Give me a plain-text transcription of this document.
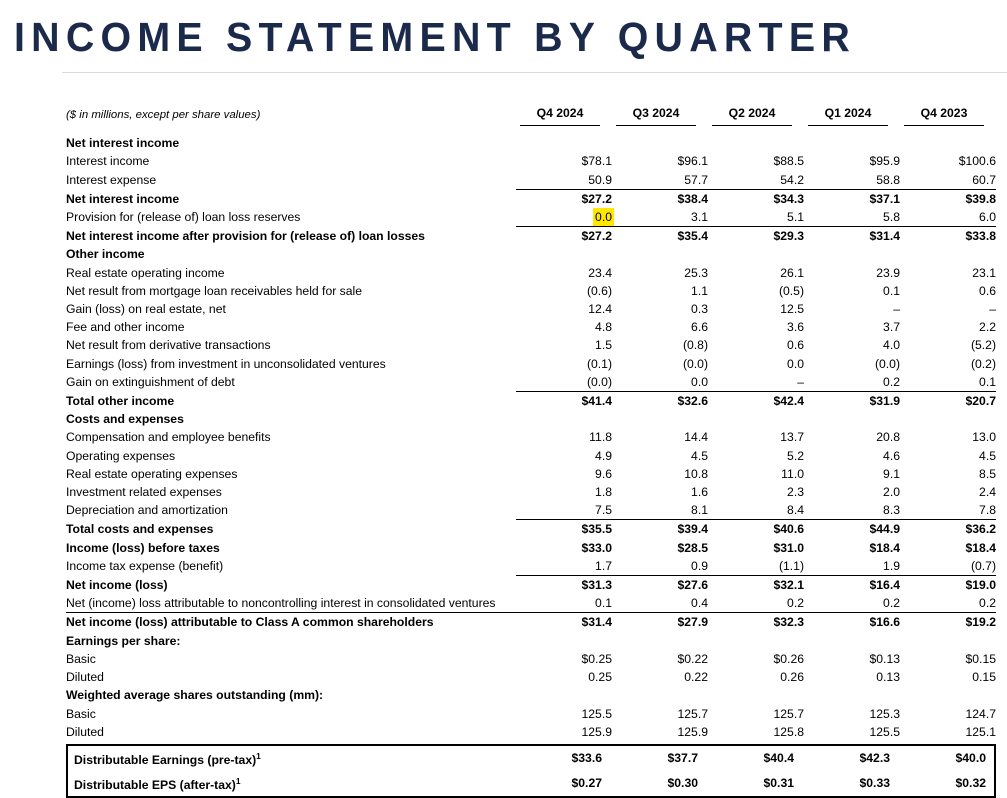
INCOME STATEMENT BY QUARTER
($ in millions, except per share values)	Q4 2024	Q3 2024	Q2 2024	Q1 2024	Q4 2023

Net interest income					
Interest income	$78.1	$96.1	$88.5	$95.9	$100.6
Interest expense	50.9	57.7	54.2	58.8	60.7
Net interest income	$27.2	$38.4	$34.3	$37.1	$39.8
Provision for (release of) loan loss reserves	0.0	3.1	5.1	5.8	6.0
Net interest income after provision for (release of) loan losses	$27.2	$35.4	$29.3	$31.4	$33.8
Other income					
Real estate operating income	23.4	25.3	26.1	23.9	23.1
Net result from mortgage loan receivables held for sale	(0.6)	1.1	(0.5)	0.1	0.6
Gain (loss) on real estate, net	12.4	0.3	12.5	–	–
Fee and other income	4.8	6.6	3.6	3.7	2.2
Net result from derivative transactions	1.5	(0.8)	0.6	4.0	(5.2)
Earnings (loss) from investment in unconsolidated ventures	(0.1)	(0.0)	0.0	(0.0)	(0.2)
Gain on extinguishment of debt	(0.0)	0.0	–	0.2	0.1
Total other income	$41.4	$32.6	$42.4	$31.9	$20.7
Costs and expenses					
Compensation and employee benefits	11.8	14.4	13.7	20.8	13.0
Operating expenses	4.9	4.5	5.2	4.6	4.5
Real estate operating expenses	9.6	10.8	11.0	9.1	8.5
Investment related expenses	1.8	1.6	2.3	2.0	2.4
Depreciation and amortization	7.5	8.1	8.4	8.3	7.8
Total costs and expenses	$35.5	$39.4	$40.6	$44.9	$36.2
Income (loss) before taxes	$33.0	$28.5	$31.0	$18.4	$18.4
Income tax expense (benefit)	1.7	0.9	(1.1)	1.9	(0.7)
Net income (loss)	$31.3	$27.6	$32.1	$16.4	$19.0
Net (income) loss attributable to noncontrolling interest in consolidated ventures	0.1	0.4	0.2	0.2	0.2
Net income (loss) attributable to Class A common shareholders	$31.4	$27.9	$32.3	$16.6	$19.2
Earnings per share:					
Basic	$0.25	$0.22	$0.26	$0.13	$0.15
Diluted	0.25	0.22	0.26	0.13	0.15
Weighted average shares outstanding (mm):					
Basic	125.5	125.7	125.7	125.3	124.7
Diluted	125.9	125.9	125.8	125.5	125.1
Distributable Earnings (pre-tax)$^1$	$33.6	$37.7	$40.4	$42.3	$40.0
Distributable EPS (after-tax)$^1$	$0.27	$0.30	$0.31	$0.33	$0.32
